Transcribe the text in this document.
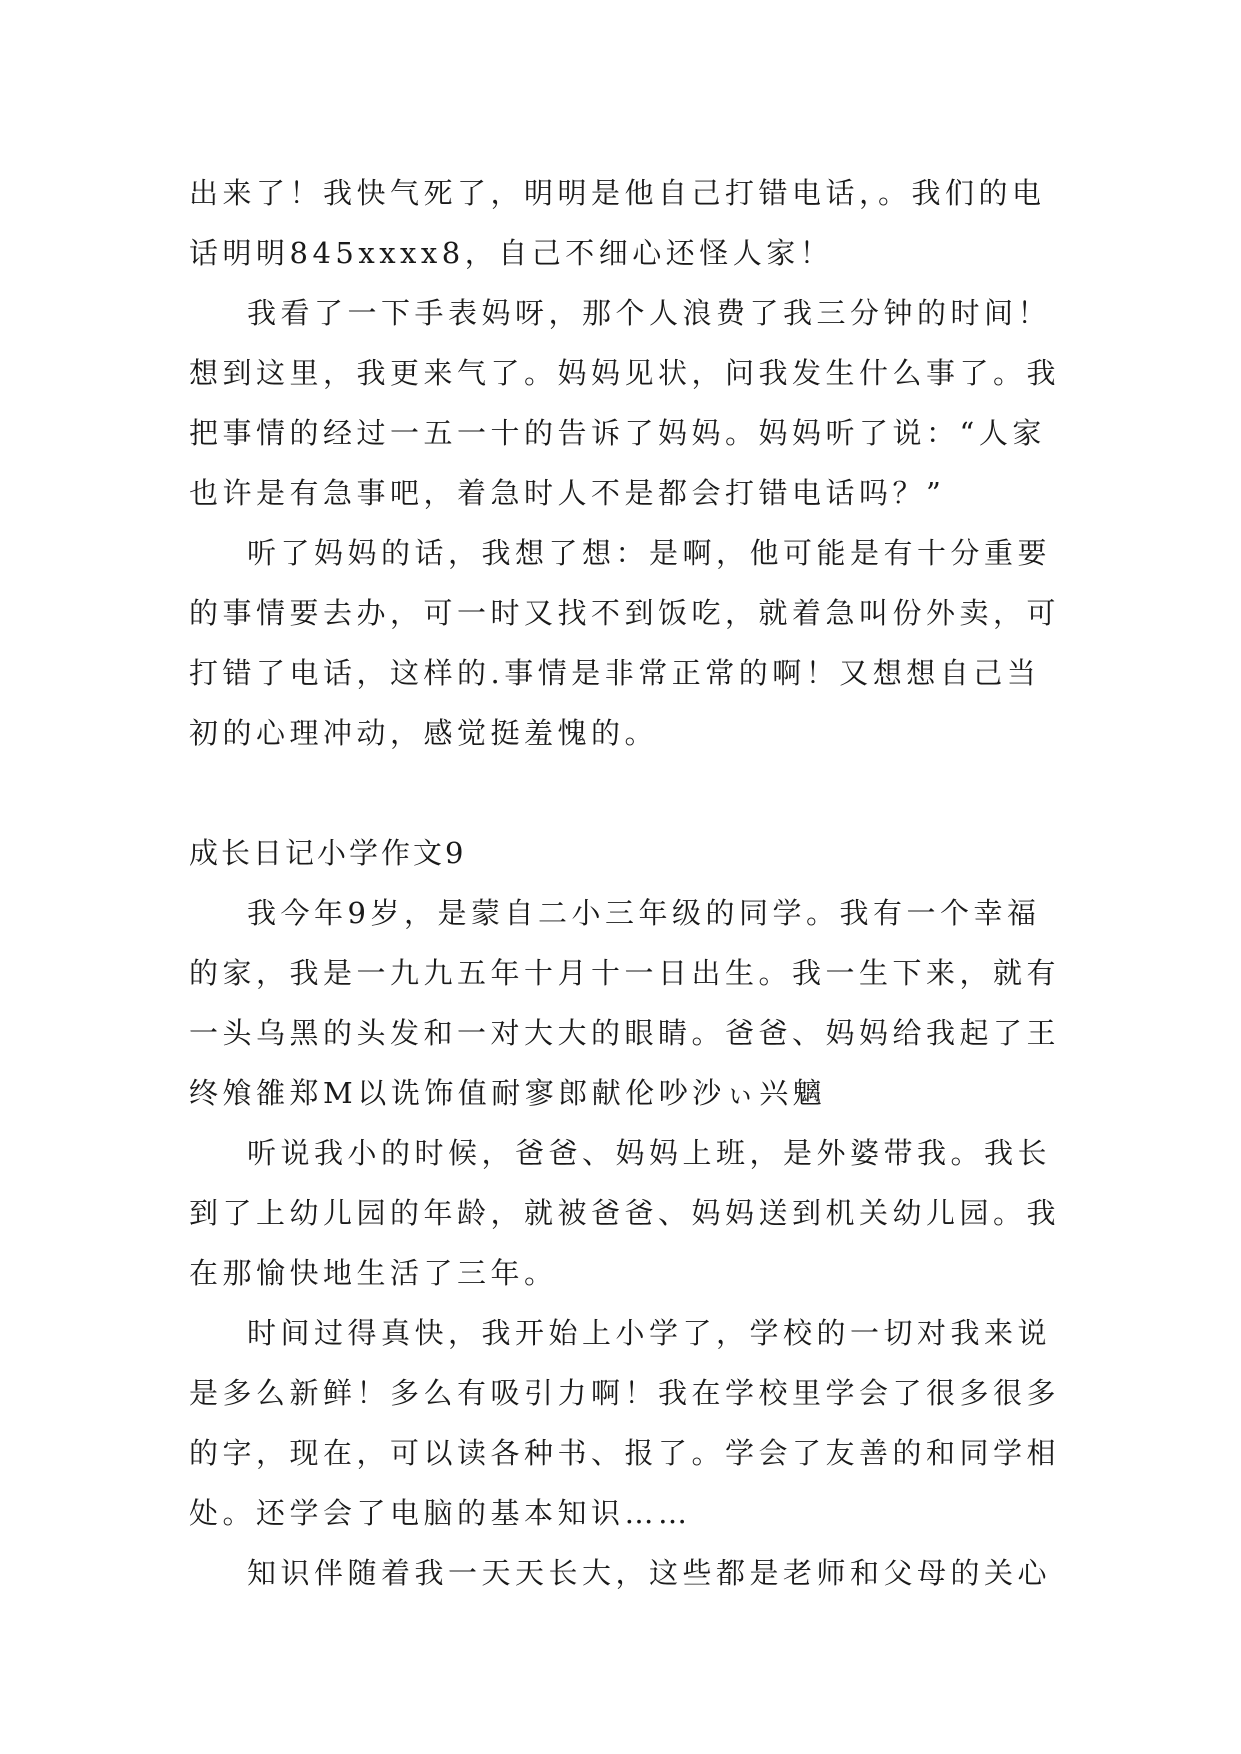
出来了！我快气死了，明明是他自己打错电话，。我们的电话明明845xxxx8，自己不细心还怪人家！

我看了一下手表妈呀，那个人浪费了我三分钟的时间！想到这里，我更来气了。妈妈见状，问我发生什么事了。我把事情的经过一五一十的告诉了妈妈。妈妈听了说：“人家也许是有急事吧，着急时人不是都会打错电话吗？”

听了妈妈的话，我想了想：是啊，他可能是有十分重要的事情要去办，可一时又找不到饭吃，就着急叫份外卖，可打错了电话，这样的.事情是非常正常的啊！又想想自己当初的心理冲动，感觉挺羞愧的。

成长日记小学作文9

我今年9岁，是蒙自二小三年级的同学。我有一个幸福的家，我是一九九五年十月十一日出生。我一生下来，就有一头乌黑的头发和一对大大的眼睛。爸爸、妈妈给我起了王终飧雒郑M以诜饰值耐寥郎献伦吵沙ぃ兴魑

听说我小的时候，爸爸、妈妈上班，是外婆带我。我长到了上幼儿园的年龄，就被爸爸、妈妈送到机关幼儿园。我在那愉快地生活了三年。

时间过得真快，我开始上小学了，学校的一切对我来说是多么新鲜！多么有吸引力啊！我在学校里学会了很多很多的字，现在，可以读各种书、报了。学会了友善的和同学相处。还学会了电脑的基本知识……

知识伴随着我一天天长大，这些都是老师和父母的关心
